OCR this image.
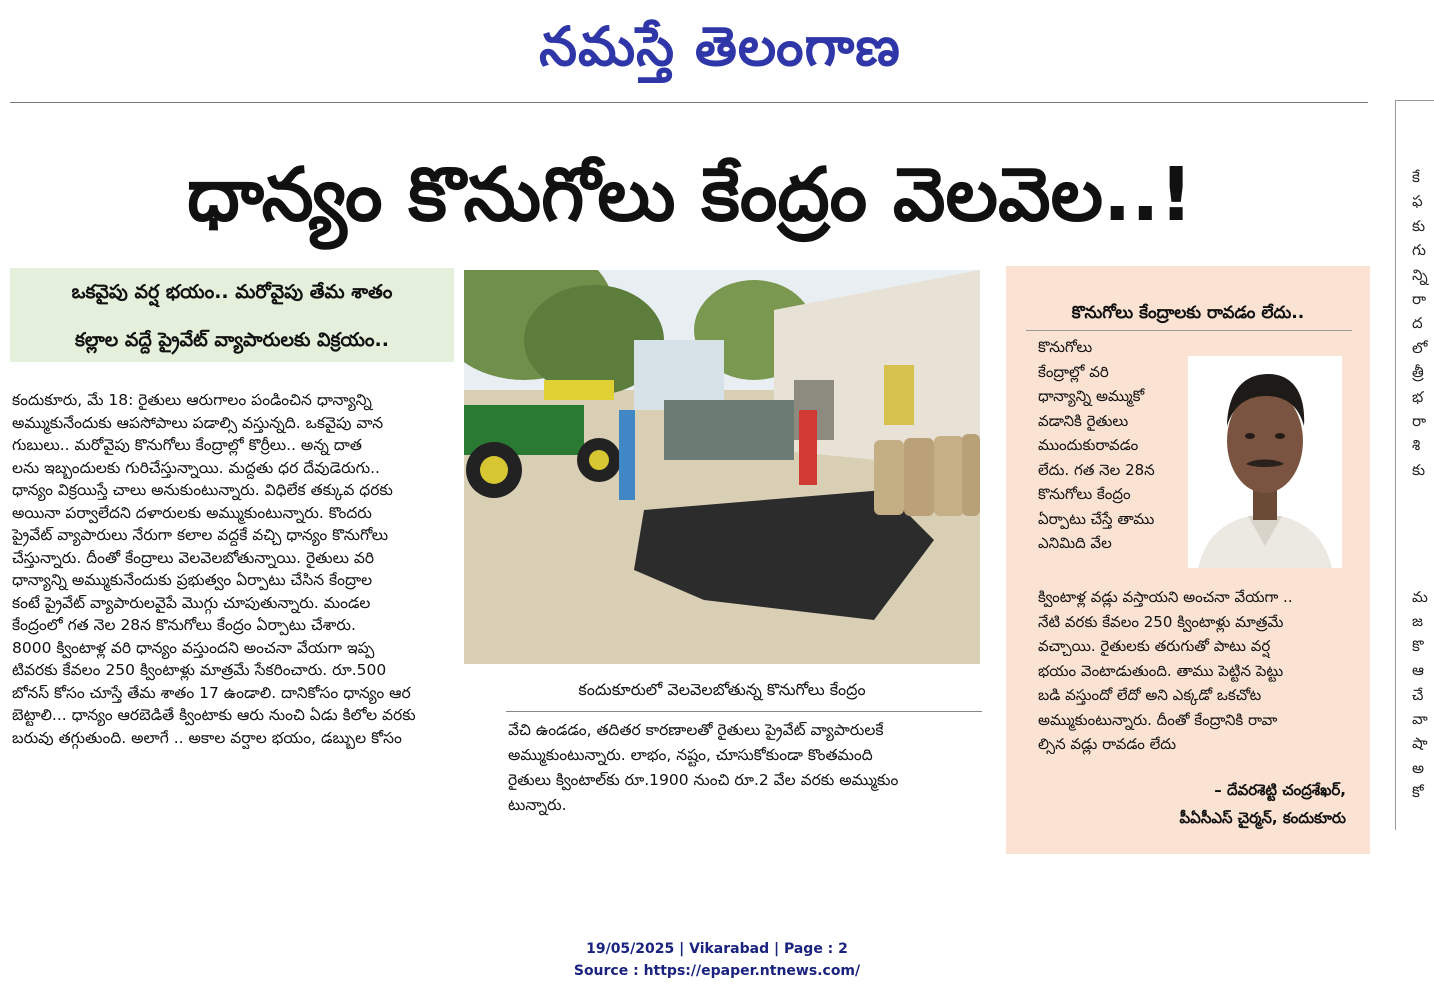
నమస్తే తెలంగాణ
ధాన్యం కొనుగోలు కేంద్రం వెలవెల..!
ఒకవైపు వర్ష భయం.. మరోవైపు తేమ శాతం
కల్లాల వద్దే ప్రైవేట్ వ్యాపారులకు విక్రయం..
కందుకూరు, మే 18: రైతులు ఆరుగాలం పండించిన ధాన్యాన్ని
అమ్ముకునేందుకు ఆపసోపాలు పడాల్సి వస్తున్నది. ఒకవైపు వాన
గుబులు.. మరోవైపు కొనుగోలు కేంద్రాల్లో కొర్రీలు.. అన్న దాత
లను ఇబ్బందులకు గురిచేస్తున్నాయి. మద్దతు ధర దేవుడెరుగు..
ధాన్యం విక్రయిస్తే చాలు అనుకుంటున్నారు. విధిలేక తక్కువ ధరకు
అయినా పర్వాలేదని దళారులకు అమ్ముకుంటున్నారు. కొందరు
ప్రైవేట్ వ్యాపారులు నేరుగా కలాల వద్దకే వచ్చి ధాన్యం కొనుగోలు
చేస్తున్నారు. దీంతో కేంద్రాలు వెలవెలబోతున్నాయి. రైతులు వరి
ధాన్యాన్ని అమ్ముకునేందుకు ప్రభుత్వం ఏర్పాటు చేసిన కేంద్రాల
కంటే ప్రైవేట్ వ్యాపారులవైపే మొగ్గు చూపుతున్నారు. మండల
కేంద్రంలో గత నెల 28న కొనుగోలు కేంద్రం ఏర్పాటు చేశారు.
8000 క్వింటాళ్ల వరి ధాన్యం వస్తుందని అంచనా వేయగా ఇప్ప
టివరకు కేవలం 250 క్వింటాళ్లు మాత్రమే సేకరించారు. రూ.500
బోనస్ కోసం చూస్తే తేమ శాతం 17 ఉండాలి. దానికోసం ధాన్యం ఆర
బెట్టాలి... ధాన్యం ఆరబెడితే క్వింటాకు ఆరు నుంచి ఏడు కిలోల వరకు
బరువు తగ్గుతుంది. అలాగే .. అకాల వర్షాల భయం, డబ్బుల కోసం
కందుకూరులో వెలవెలబోతున్న కొనుగోలు కేంద్రం
వేచి ఉండడం, తదితర కారణాలతో రైతులు ప్రైవేట్ వ్యాపారులకే
అమ్ముకుంటున్నారు. లాభం, నష్టం, చూసుకోకుండా కొంతమంది
రైతులు క్వింటాల్‌కు రూ.1900 నుంచి రూ.2 వేల వరకు అమ్ముకుం
టున్నారు.
కొనుగోలు కేంద్రాలకు రావడం లేదు..
కొనుగోలు
కేంద్రాల్లో వరి
ధాన్యాన్ని అమ్ముకో
వడానికి రైతులు
ముందుకురావడం
లేదు. గత నెల 28న
కొనుగోలు కేంద్రం
ఏర్పాటు చేస్తే తాము
ఎనిమిది వేల
క్వింటాళ్ల వడ్లు వస్తాయని అంచనా వేయగా ..
నేటి వరకు కేవలం 250 క్వింటాళ్లు మాత్రమే
వచ్చాయి. రైతులకు తరుగుతో పాటు వర్ష
భయం వెంటాడుతుంది. తాము పెట్టిన పెట్టు
బడి వస్తుందో లేదో అని ఎక్కడో ఒకచోట
అమ్ముకుంటున్నారు. దీంతో కేంద్రానికి రావా
ల్సిన వడ్లు రావడం లేదు
– దేవరశెట్టి చంద్రశేఖర్,
పీఏసీఎస్ చైర్మన్, కందుకూరు
కే
ఫ
కు
గు
న్ని
రా
ద
లో
త్రీ
భ
రా
శి
కు
మ
జ
కొ
ఆ
చే
వా
షా
అ
కో
19/05/2025 | Vikarabad | Page : 2
Source : https://epaper.ntnews.com/
